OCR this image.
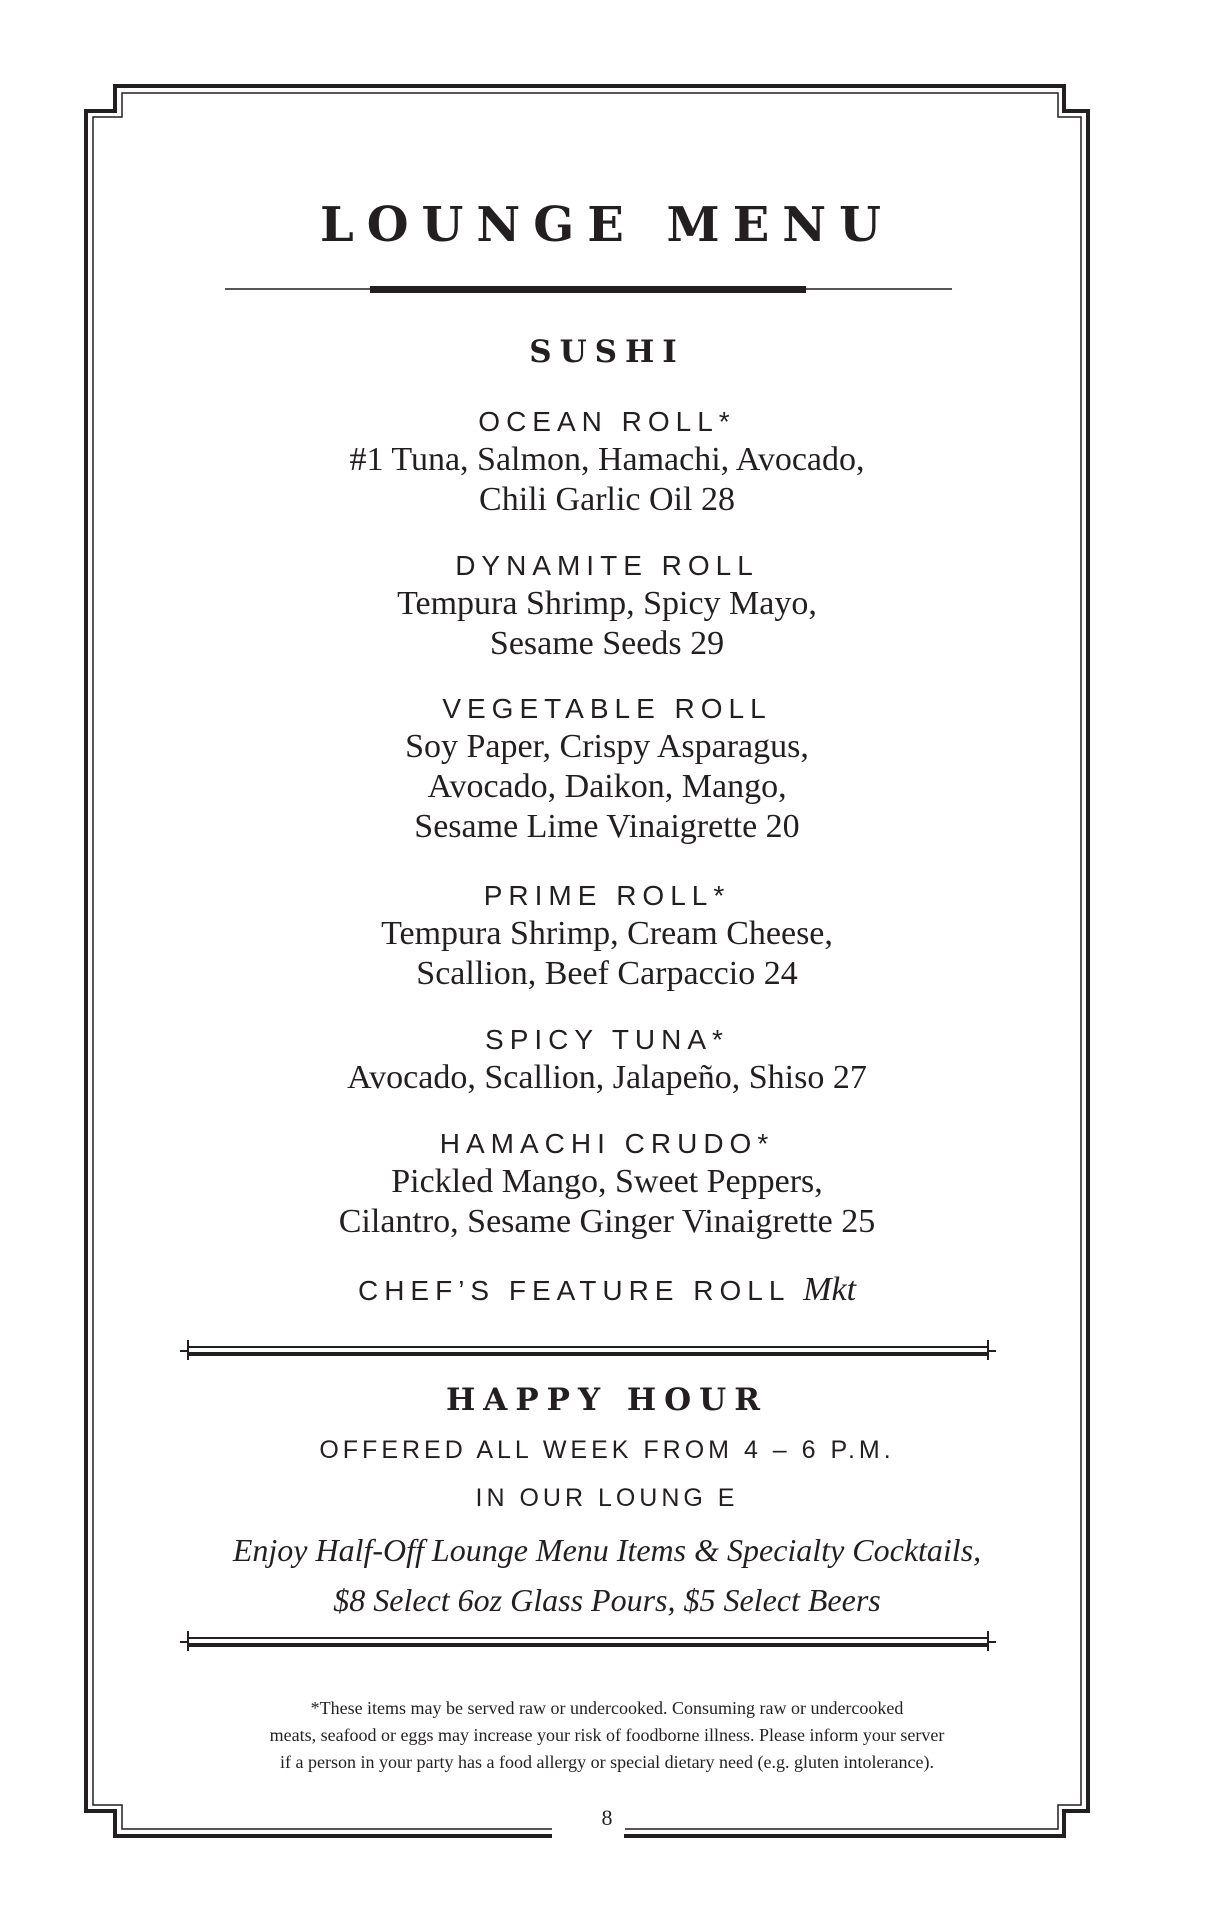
LOUNGE MENU
SUSHI
OCEAN ROLL*
#1 Tuna, Salmon, Hamachi, Avocado,
Chili Garlic Oil 28
DYNAMITE ROLL
Tempura Shrimp, Spicy Mayo,
Sesame Seeds 29
VEGETABLE ROLL
Soy Paper, Crispy Asparagus,
Avocado, Daikon, Mango,
Sesame Lime Vinaigrette 20
PRIME ROLL*
Tempura Shrimp, Cream Cheese,
Scallion, Beef Carpaccio 24
SPICY TUNA*
Avocado, Scallion, Jalapeño, Shiso 27
HAMACHI CRUDO*
Pickled Mango, Sweet Peppers,
Cilantro, Sesame Ginger Vinaigrette 25
CHEF’S FEATURE ROLL Mkt
HAPPY HOUR
OFFERED ALL WEEK FROM 4 – 6 P.M.
IN OUR LOUNG E
Enjoy Half-Off Lounge Menu Items & Specialty Cocktails,
$8 Select 6oz Glass Pours, $5 Select Beers
*These items may be served raw or undercooked. Consuming raw or undercooked
meats, seafood or eggs may increase your risk of foodborne illness. Please inform your server
if a person in your party has a food allergy or special dietary need (e.g. gluten intolerance).
8
